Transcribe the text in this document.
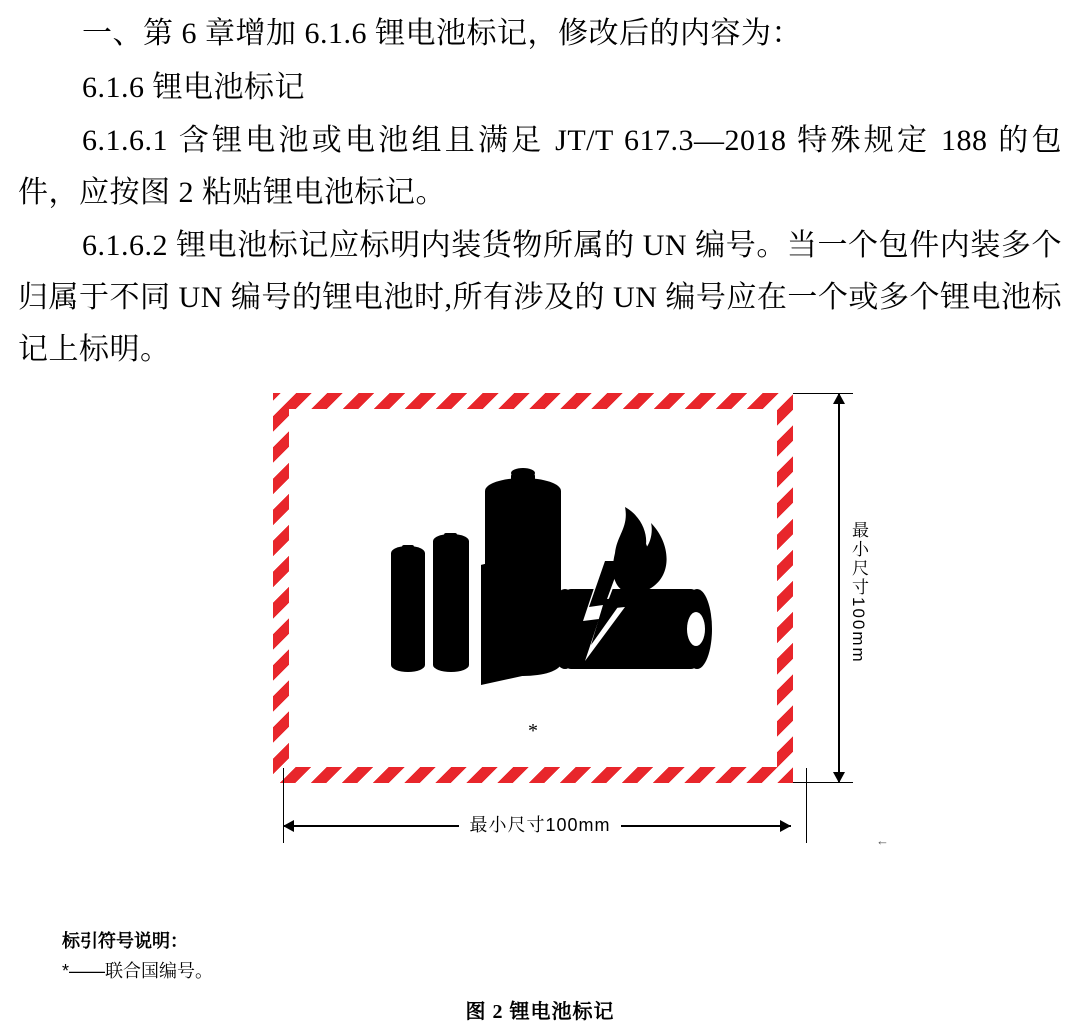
一、第 6 章增加 6.1.6 锂电池标记，修改后的内容为：

6.1.6 锂电池标记

6.1.6.1 含锂电池或电池组且满足 JT/T 617.3—2018 特殊规定 188 的包件，应按图 2 粘贴锂电池标记。

6.1.6.2 锂电池标记应标明内装货物所属的 UN 编号。当一个包件内装多个归属于不同 UN 编号的锂电池时,所有涉及的 UN 编号应在一个或多个锂电池标记上标明。

*
最小尺寸100mm
最小尺寸100mm
←
标引符号说明：
*——联合国编号。
图 2 锂电池标记
